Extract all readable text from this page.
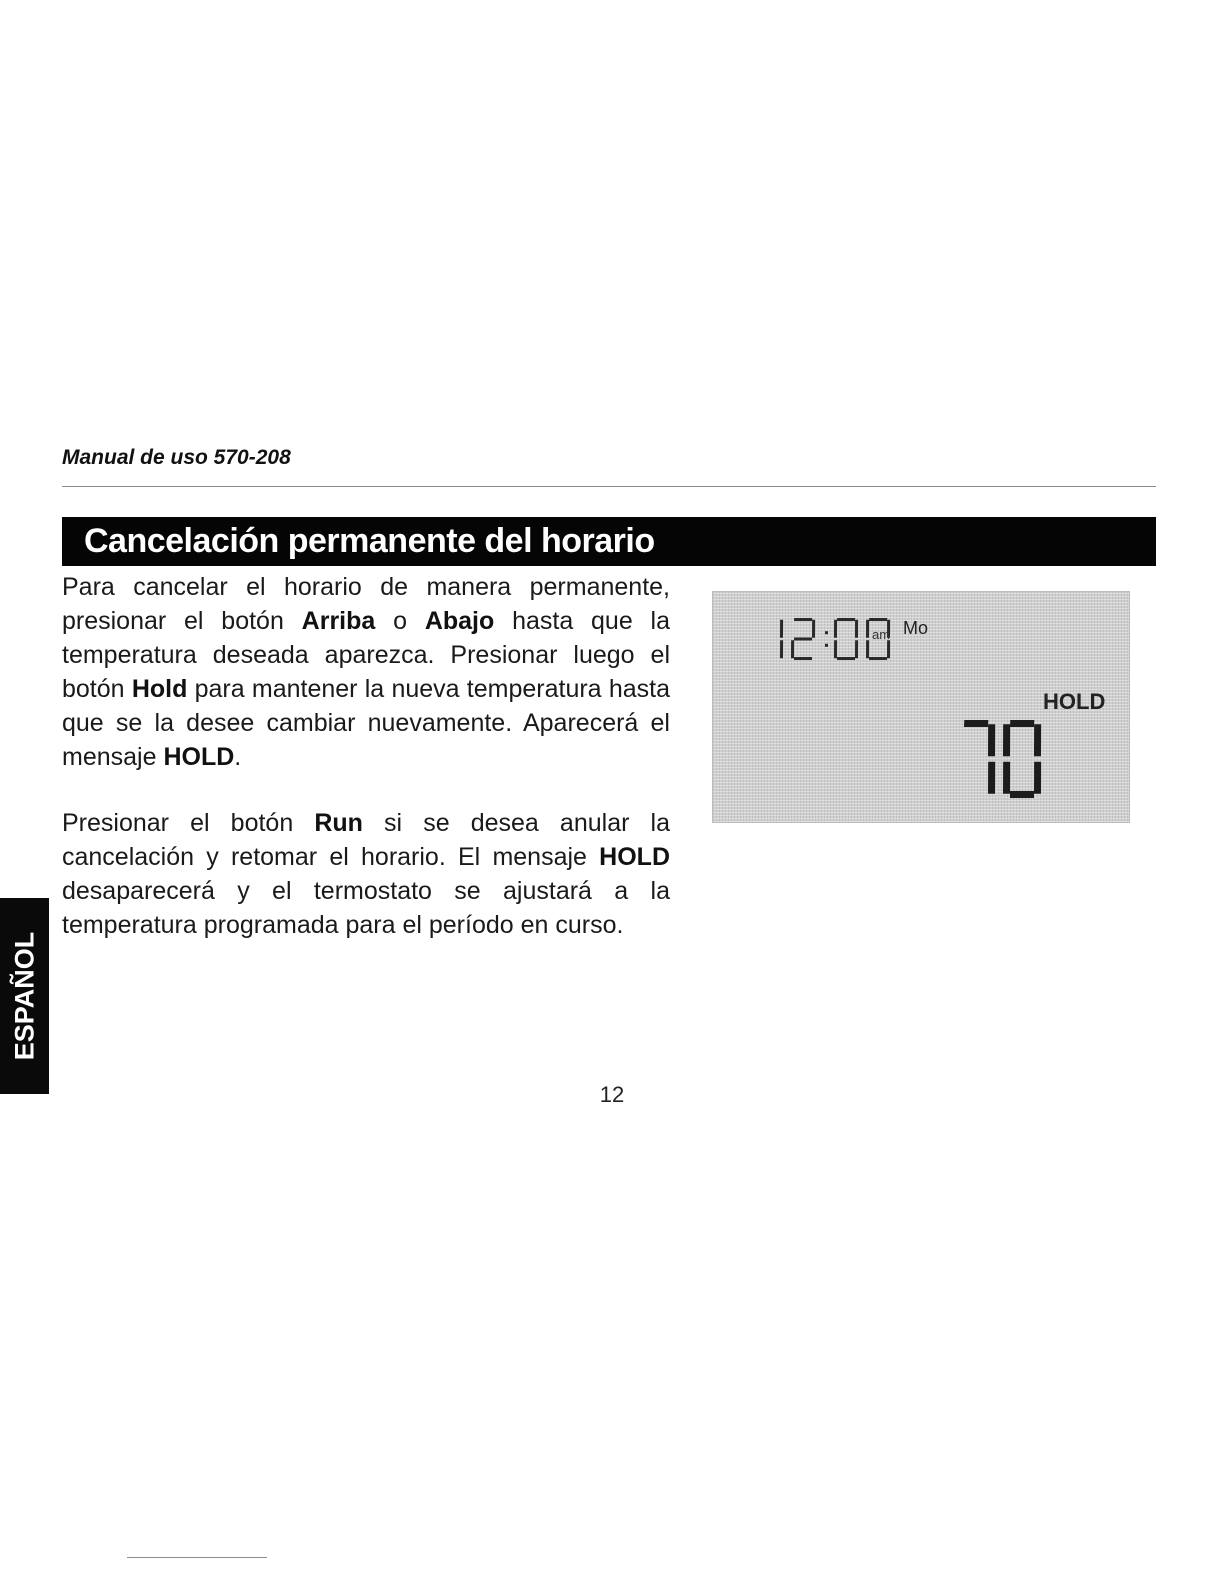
Manual de uso 570-208
Cancelación permanente del horario
Para cancelar el horario de manera permanente, presionar el botón Arriba o Abajo hasta que la temperatura deseada aparezca. Presionar luego el botón Hold para mantener la nueva temperatura hasta que se la desee cambiar nuevamente. Aparecerá el mensaje HOLD.
Presionar el botón Run si se desea anular la cancelación y retomar el horario. El mensaje HOLD desaparecerá y el termostato se ajustará a la temperatura programada para el período en curso.
am Mo
HOLD
12
ESPAÑOL
